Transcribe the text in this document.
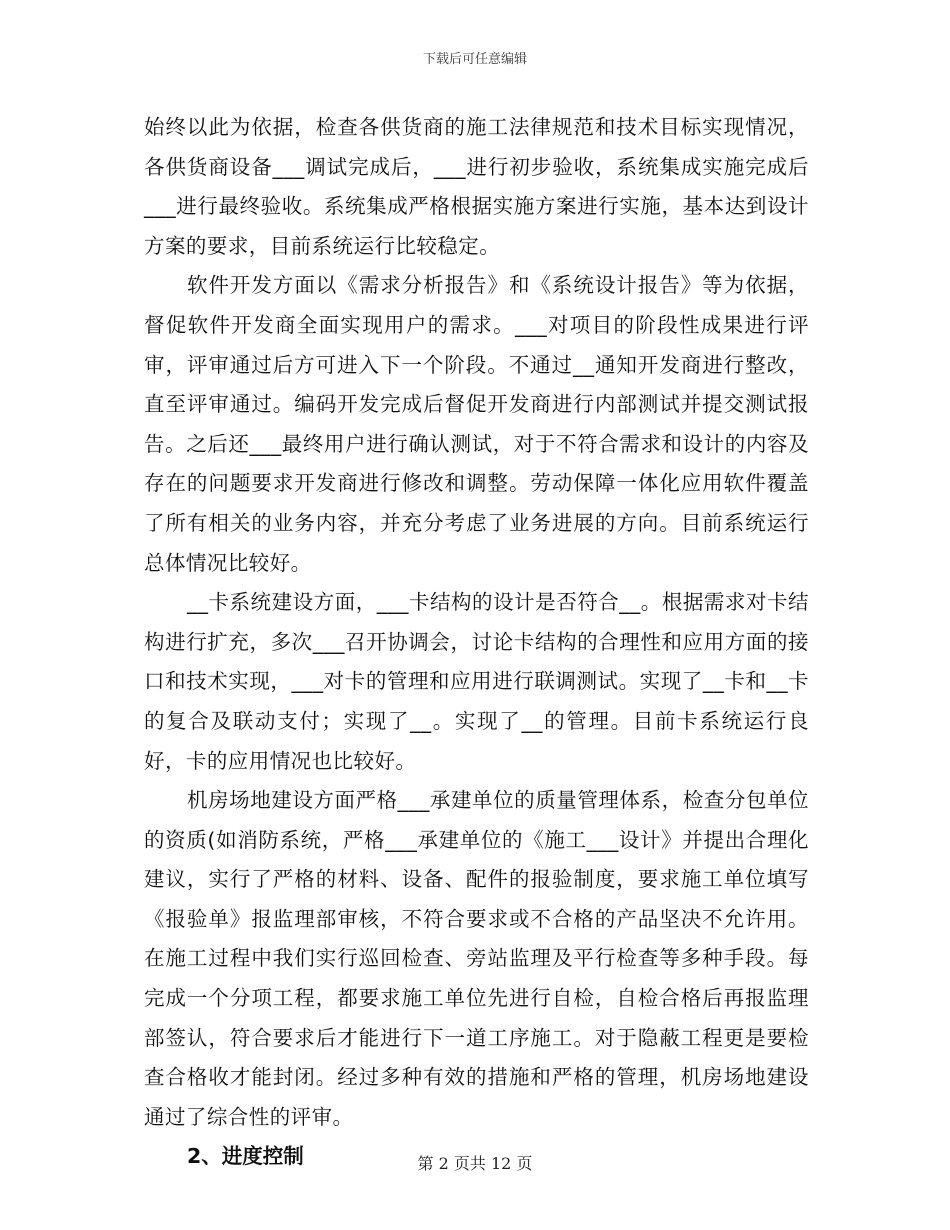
下载后可任意编辑

始终以此为依据，检查各供货商的施工法律规范和技术目标实现情况，各供货商设备___调试完成后，___进行初步验收，系统集成实施完成后___进行最终验收。系统集成严格根据实施方案进行实施，基本达到设计方案的要求，目前系统运行比较稳定。

软件开发方面以《需求分析报告》和《系统设计报告》等为依据，督促软件开发商全面实现用户的需求。___对项目的阶段性成果进行评审，评审通过后方可进入下一个阶段。不通过__通知开发商进行整改，直至评审通过。编码开发完成后督促开发商进行内部测试并提交测试报告。之后还___最终用户进行确认测试，对于不符合需求和设计的内容及存在的问题要求开发商进行修改和调整。劳动保障一体化应用软件覆盖了所有相关的业务内容，并充分考虑了业务进展的方向。目前系统运行总体情况比较好。

__卡系统建设方面，___卡结构的设计是否符合__。根据需求对卡结构进行扩充，多次___召开协调会，讨论卡结构的合理性和应用方面的接口和技术实现，___对卡的管理和应用进行联调测试。实现了__卡和__卡的复合及联动支付；实现了__。实现了__的管理。目前卡系统运行良好，卡的应用情况也比较好。

机房场地建设方面严格___承建单位的质量管理体系，检查分包单位的资质(如消防系统，严格___承建单位的《施工___设计》并提出合理化建议，实行了严格的材料、设备、配件的报验制度，要求施工单位填写《报验单》报监理部审核，不符合要求或不合格的产品坚决不允许用。在施工过程中我们实行巡回检查、旁站监理及平行检查等多种手段。每完成一个分项工程，都要求施工单位先进行自检，自检合格后再报监理部签认，符合要求后才能进行下一道工序施工。对于隐蔽工程更是要检查合格收才能封闭。经过多种有效的措施和严格的管理，机房场地建设通过了综合性的评审。

2、进度控制	第 2 页共 12 页
